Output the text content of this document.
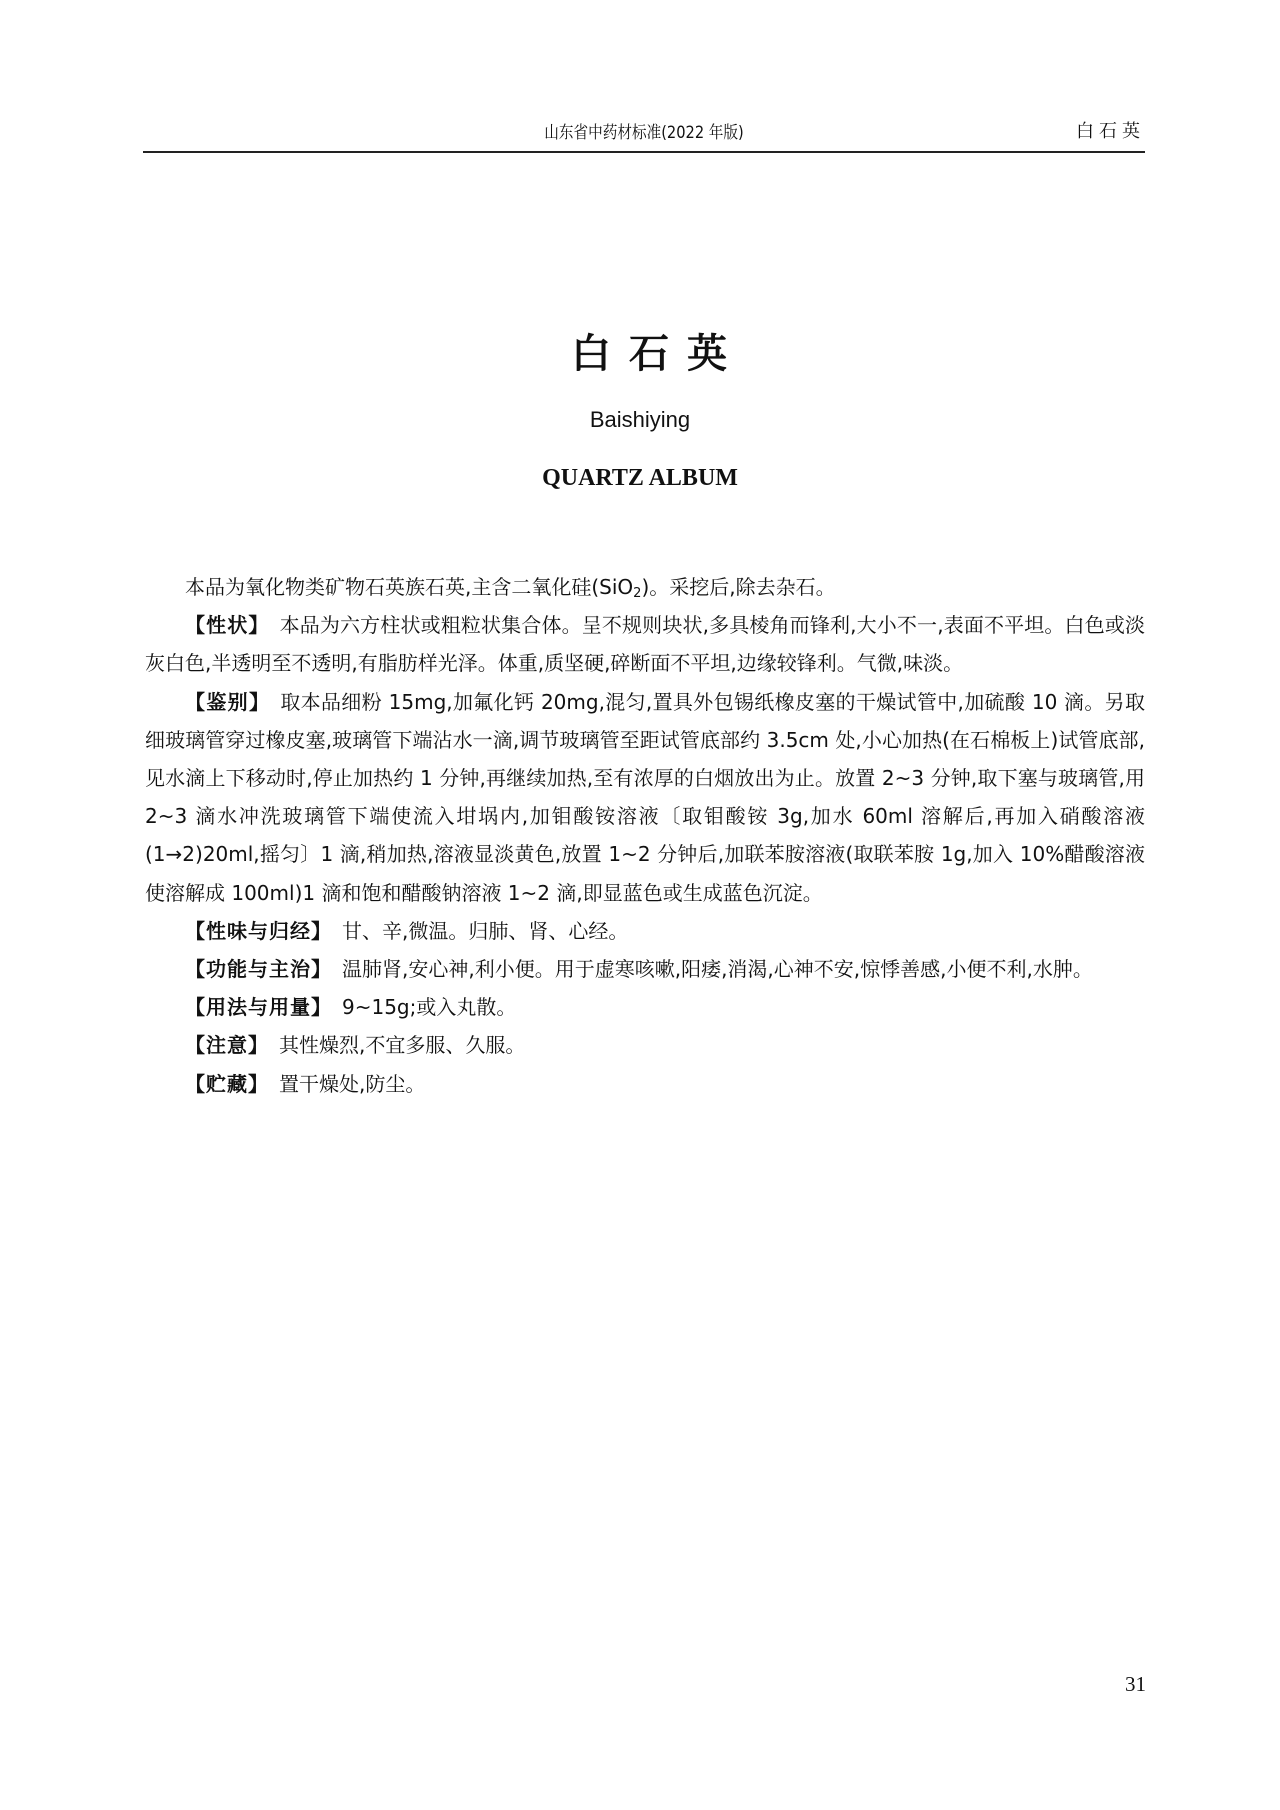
山东省中药材标准(2022 年版)	白石英
白石英
Baishiying
QUARTZ ALBUM

本品为氧化物类矿物石英族石英,主含二氧化硅(SiO$_2$)。采挖后,除去杂石。

【性状】 本品为六方柱状或粗粒状集合体。呈不规则块状,多具棱角而锋利,大小不一,表面不平坦。白色或淡灰白色,半透明至不透明,有脂肪样光泽。体重,质坚硬,碎断面不平坦,边缘较锋利。气微,味淡。

【鉴别】 取本品细粉 15mg,加氟化钙 20mg,混匀,置具外包锡纸橡皮塞的干燥试管中,加硫酸 10 滴。另取细玻璃管穿过橡皮塞,玻璃管下端沾水一滴,调节玻璃管至距试管底部约 3.5cm 处,小心加热(在石棉板上)试管底部,见水滴上下移动时,停止加热约 1 分钟,再继续加热,至有浓厚的白烟放出为止。放置 2~3 分钟,取下塞与玻璃管,用 2~3 滴水冲洗玻璃管下端使流入坩埚内,加钼酸铵溶液〔取钼酸铵 3g,加水 60ml 溶解后,再加入硝酸溶液(1→2)20ml,摇匀〕1 滴,稍加热,溶液显淡黄色,放置 1~2 分钟后,加联苯胺溶液(取联苯胺 1g,加入 10%醋酸溶液使溶解成 100ml)1 滴和饱和醋酸钠溶液 1~2 滴,即显蓝色或生成蓝色沉淀。

【性味与归经】 甘、辛,微温。归肺、肾、心经。

【功能与主治】 温肺肾,安心神,利小便。用于虚寒咳嗽,阳痿,消渴,心神不安,惊悸善感,小便不利,水肿。

【用法与用量】 9~15g;或入丸散。

【注意】 其性燥烈,不宜多服、久服。

【贮藏】 置干燥处,防尘。

31
